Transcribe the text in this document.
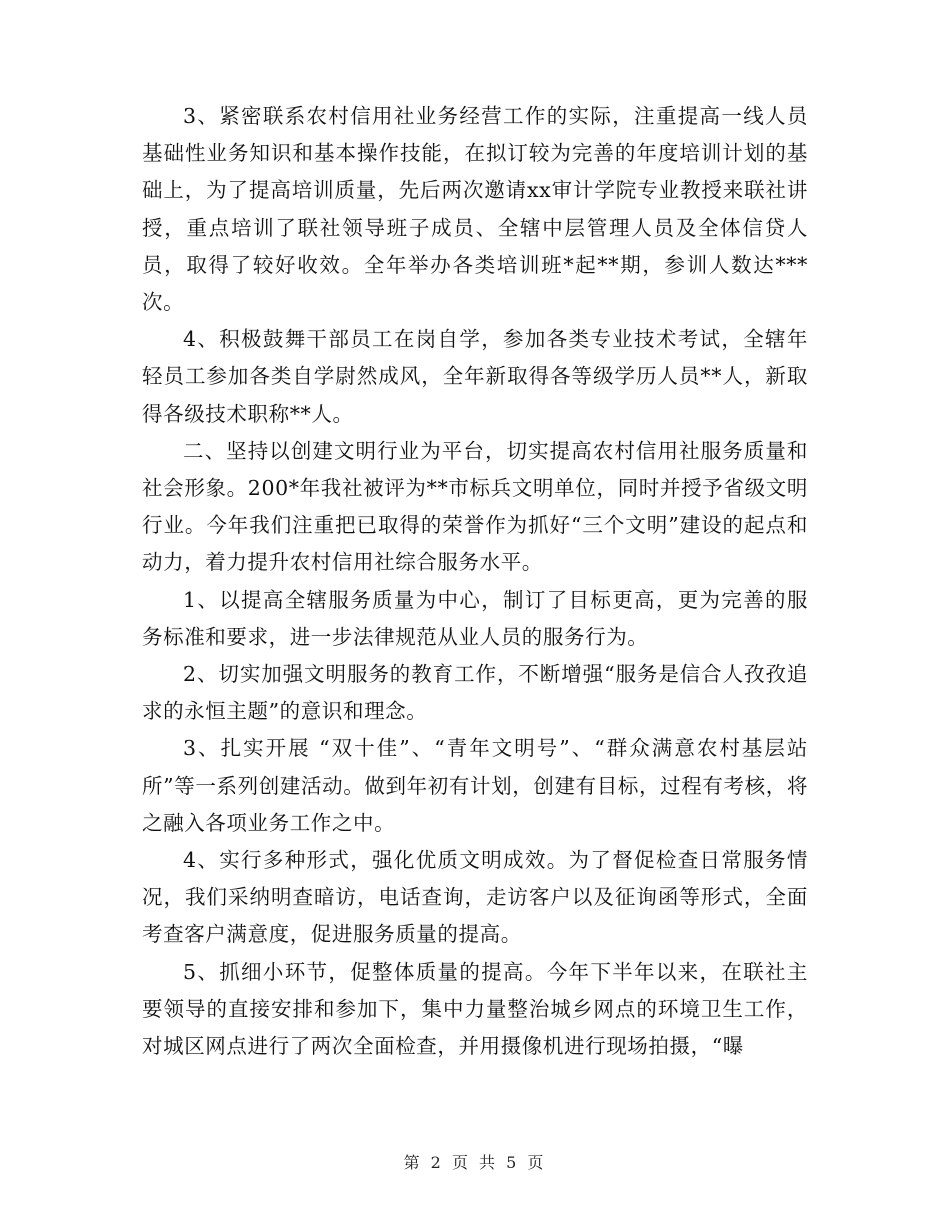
3、紧密联系农村信用社业务经营工作的实际，注重提高一线人员基础性业务知识和基本操作技能，在拟订较为完善的年度培训计划的基础上，为了提高培训质量，先后两次邀请xx审计学院专业教授来联社讲授，重点培训了联社领导班子成员、全辖中层管理人员及全体信贷人员，取得了较好收效。全年举办各类培训班*起**期，参训人数达***次。

4、积极鼓舞干部员工在岗自学，参加各类专业技术考试，全辖年轻员工参加各类自学尉然成风，全年新取得各等级学历人员**人，新取得各级技术职称**人。

二、坚持以创建文明行业为平台，切实提高农村信用社服务质量和社会形象。200*年我社被评为**市标兵文明单位，同时并授予省级文明行业。今年我们注重把已取得的荣誉作为抓好“三个文明”建设的起点和动力，着力提升农村信用社综合服务水平。

1、以提高全辖服务质量为中心，制订了目标更高，更为完善的服务标准和要求，进一步法律规范从业人员的服务行为。

2、切实加强文明服务的教育工作，不断增强“服务是信合人孜孜追求的永恒主题”的意识和理念。

3、扎实开展 “双十佳”、“青年文明号”、“群众满意农村基层站所”等一系列创建活动。做到年初有计划，创建有目标，过程有考核，将之融入各项业务工作之中。

4、实行多种形式，强化优质文明成效。为了督促检查日常服务情况，我们采纳明查暗访，电话查询，走访客户以及征询函等形式，全面考查客户满意度，促进服务质量的提高。

5、抓细小环节，促整体质量的提高。今年下半年以来，在联社主要领导的直接安排和参加下，集中力量整治城乡网点的环境卫生工作，对城区网点进行了两次全面检查，并用摄像机进行现场拍摄，“曝

第 2 页 共 5 页
